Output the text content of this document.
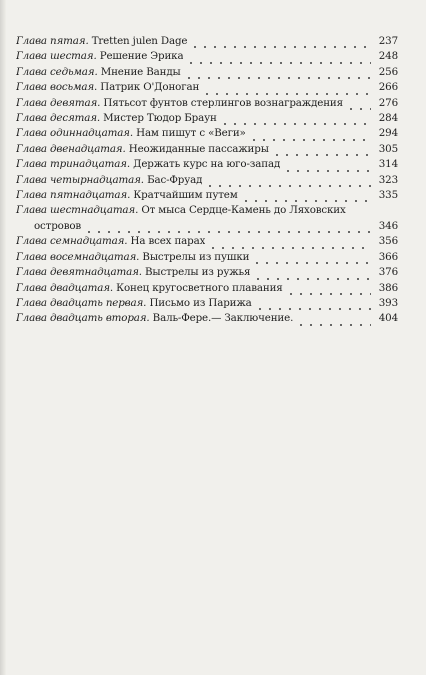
Глава пятая. Tretten julen Dage	237
Глава шестая. Решение Эрика	248
Глава седьмая. Мнение Ванды	256
Глава восьмая. Патрик О'Доноган	266
Глава девятая. Пятьсот фунтов стерлингов вознаграждения	276
Глава десятая. Мистер Тюдор Браун	284
Глава одиннадцатая. Нам пишут с «Веги»	294
Глава двенадцатая. Неожиданные пассажиры	305
Глава тринадцатая. Держать курс на юго-запад	314
Глава четырнадцатая. Бас-Фруад	323
Глава пятнадцатая. Кратчайшим путем	335
Глава шестнадцатая. От мыса Сердце-Камень до Ляховских
островов	346
Глава семнадцатая. На всех парах	356
Глава восемнадцатая. Выстрелы из пушки	366
Глава девятнадцатая. Выстрелы из ружья	376
Глава двадцатая. Конец кругосветного плавания	386
Глава двадцать первая. Письмо из Парижа	393
Глава двадцать вторая. Валь-Фере.— Заключение.	404
